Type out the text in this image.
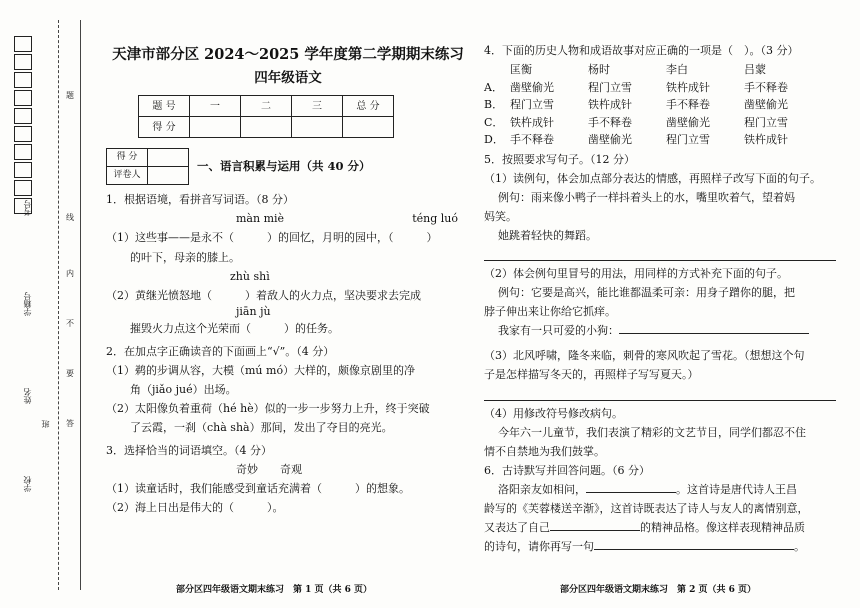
学校
班
姓名
学籍号
考号
线
内
不
要
答
题
天津市部分区 2024～2025 学年度第二学期期末练习
四年级语文
题 号	一	二	三	总 分
得 分				
得 分	
评卷人	
一、语言积累与运用（共 40 分）
1．根据语境，看拼音写词语。（8 分）
màn miè	téng luó
（1）这些事——是永不（　　　）的回忆，月明的园中，（　　　）
的叶下，母亲的膝上。
zhù shì
（2）黄继光愤怒地（　　　）着敌人的火力点，坚决要求去完成
jiān jù
摧毁火力点这个光荣而（　　　）的任务。
2．在加点字正确读音的下面画上“√”。（4 分）
（1）鹈的步调从容，大模（mú mó）大样的，颇像京剧里的净
角（jiǎo jué）出场。
（2）太阳像负着重荷（hé hè）似的一步一步努力上升，终于突破
了云霞，一刹（chà shà）那间，发出了夺目的亮光。
3．选择恰当的词语填空。（4 分）
奇妙　　奇观
（1）读童话时，我们能感受到童话充满着（　　　）的想象。
（2）海上日出是伟大的（　　　）。
4．下面的历史人物和成语故事对应正确的一项是（　）。（3 分）
匡衡	杨时	李白	吕蒙
A． 凿壁偷光	程门立雪	铁杵成针	手不释卷
B． 程门立雪	铁杵成针	手不释卷	凿壁偷光
C． 铁杵成针	手不释卷	凿壁偷光	程门立雪
D． 手不释卷	凿壁偷光	程门立雪	铁杵成针
5．按照要求写句子。（12 分）
（1）读例句，体会加点部分表达的情感，再照样子改写下面的句子。
例句：雨来像小鸭子一样抖着头上的水，嘴里吹着气，望着妈
妈笑。
她跳着轻快的舞蹈。
（2）体会例句里冒号的用法，用同样的方式补充下面的句子。
例句：它要是高兴，能比谁都温柔可亲：用身子蹭你的腿，把
脖子伸出来让你给它抓痒。
我家有一只可爱的小狗：
（3）北风呼啸，隆冬来临，刺骨的寒风吹起了雪花。（想想这个句
子是怎样描写冬天的，再照样子写写夏天。）
（4）用修改符号修改病句。
今年六一儿童节，我们表演了精彩的文艺节目，同学们都忍不住
情不自禁地为我们鼓掌。
6．古诗默写并回答问题。（6 分）
洛阳亲友如相问，	。这首诗是唐代诗人王昌
龄写的《芙蓉楼送辛渐》，这首诗既表达了诗人与友人的离情别意，
又表达了自己	的精神品格。像这样表现精神品质
的诗句，请你再写一句	。
部分区四年级语文期末练习　第 1 页（共 6 页）	部分区四年级语文期末练习　第 2 页（共 6 页）
